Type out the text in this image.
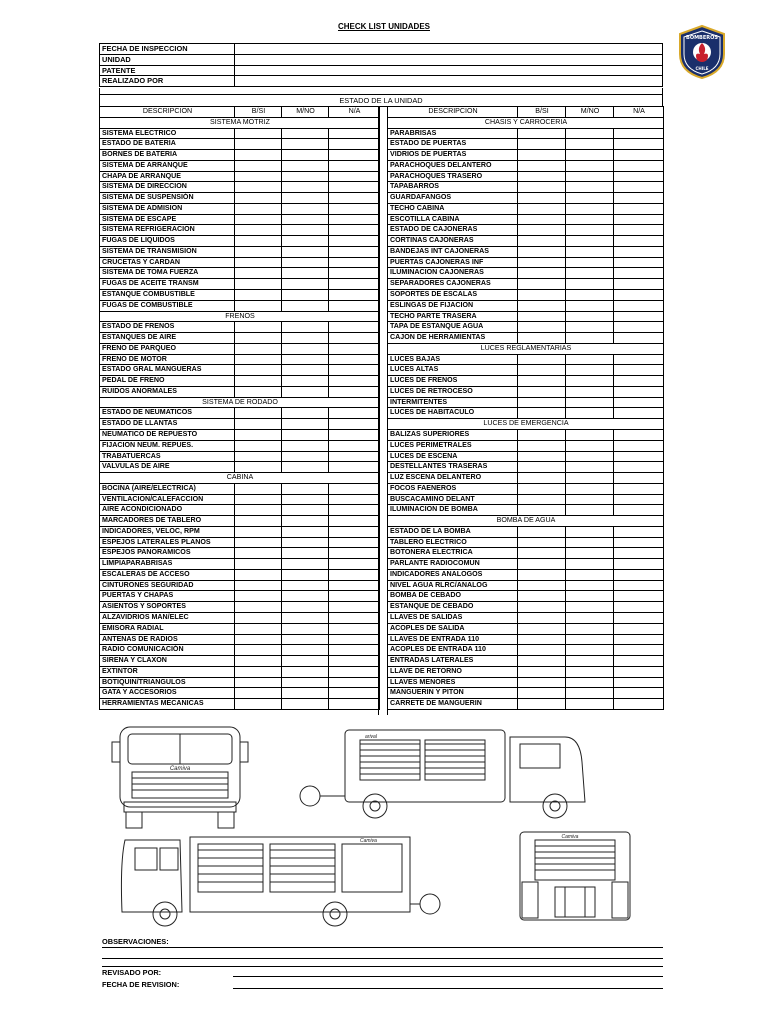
CHECK LIST UNIDADES
BOMBEROS
CHILE
FECHA DE INSPECCION	
UNIDAD	
PATENTE	
REALIZADO POR	
ESTADO DE LA UNIDAD
DESCRIPCION	B/SI	M/NO	N/A
SISTEMA MOTRIZ			
SISTEMA ELECTRICO			
ESTADO DE BATERIA			
BORNES DE BATERIA			
SISTEMA DE ARRANQUE			
CHAPA DE ARRANQUE			
SISTEMA DE DIRECCION			
SISTEMA DE SUSPENSIÓN			
SISTEMA DE ADMISION			
SISTEMA DE ESCAPE			
SISTEMA REFRIGERACION			
FUGAS DE LIQUIDOS			
SISTEMA DE TRANSMISION			
CRUCETAS Y CARDAN			
SISTEMA DE TOMA FUERZA			
FUGAS DE ACEITE TRANSM			
ESTANQUE COMBUSTIBLE			
FUGAS DE COMBUSTIBLE			
FRENOS			
ESTADO DE FRENOS			
ESTANQUES DE AIRE			
FRENO DE PARQUEO			
FRENO DE MOTOR			
ESTADO GRAL MANGUERAS			
PEDAL DE FRENO			
RUIDOS ANORMALES			
SISTEMA DE RODADO			
ESTADO DE NEUMATICOS			
ESTADO DE LLANTAS			
NEUMATICO DE REPUESTO			
FIJACION NEUM. REPUES.			
TRABATUERCAS			
VALVULAS DE AIRE			
CABINA			
BOCINA (AIRE/ELECTRICA)			
VENTILACION/CALEFACCION			
AIRE ACONDICIONADO			
MARCADORES DE TABLERO			
INDICADORES, VELOC, RPM			
ESPEJOS LATERALES PLANOS			
ESPEJOS PANORAMICOS			
LIMPIAPARABRISAS			
ESCALERAS DE ACCESO			
CINTURONES SEGURIDAD			
PUERTAS Y CHAPAS			
ASIENTOS Y SOPORTES			
ALZAVIDRIOS MAN/ELEC			
EMISORA RADIAL			
ANTENAS DE RADIOS			
RADIO COMUNICACIÓN			
SIRENA Y CLAXON			
EXTINTOR			
BOTIQUIN/TRIANGULOS			
GATA Y ACCESORIOS			
HERRAMIENTAS MECANICAS			
DESCRIPCION	B/SI	M/NO	N/A
CHASIS Y CARROCERIA			
PARABRISAS			
ESTADO DE PUERTAS			
VIDRIOS DE PUERTAS			
PARACHOQUES DELANTERO			
PARACHOQUES TRASERO			
TAPABARROS			
GUARDAFANGOS			
TECHO CABINA			
ESCOTILLA CABINA			
ESTADO DE CAJONERAS			
CORTINAS CAJONERAS			
BANDEJAS INT CAJONERAS			
PUERTAS CAJONERAS INF			
ILUMINACION CAJONERAS			
SEPARADORES CAJONERAS			
SOPORTES DE ESCALAS			
ESLINGAS DE FIJACION			
TECHO PARTE TRASERA			
TAPA DE ESTANQUE AGUA			
CAJON DE HERRAMIENTAS			
LUCES REGLAMENTARIAS			
LUCES BAJAS			
LUCES ALTAS			
LUCES DE FRENOS			
LUCES DE RETROCESO			
INTERMITENTES			
LUCES DE HABITACULO			
LUCES DE EMERGENCIA			
BALIZAS SUPERIORES			
LUCES PERIMETRALES			
LUCES DE ESCENA			
DESTELLANTES TRASERAS			
LUZ ESCENA DELANTERO			
FOCOS FAENEROS			
BUSCACAMINO DELANT			
ILUMINACION DE BOMBA			
BOMBA DE AGUA			
ESTADO DE LA BOMBA			
TABLERO ELECTRICO			
BOTONERA ELECTRICA			
PARLANTE RADIOCOMUN			
INDICADORES ANALOGOS			
NIVEL AGUA RLRC/ANALOG			
BOMBA DE CEBADO			
ESTANQUE DE CEBADO			
LLAVES DE SALIDAS			
ACOPLES DE SALIDA			
LLAVES DE ENTRADA 110			
ACOPLES DE ENTRADA 110			
ENTRADAS LATERALES			
LLAVE DE RETORNO			
LLAVES MENORES			
MANGUERIN Y PITON			
CARRETE DE MANGUERIN			
Camiva
arival
Camiva
Camiva
OBSERVACIONES:
REVISADO POR:
FECHA DE REVISION:
